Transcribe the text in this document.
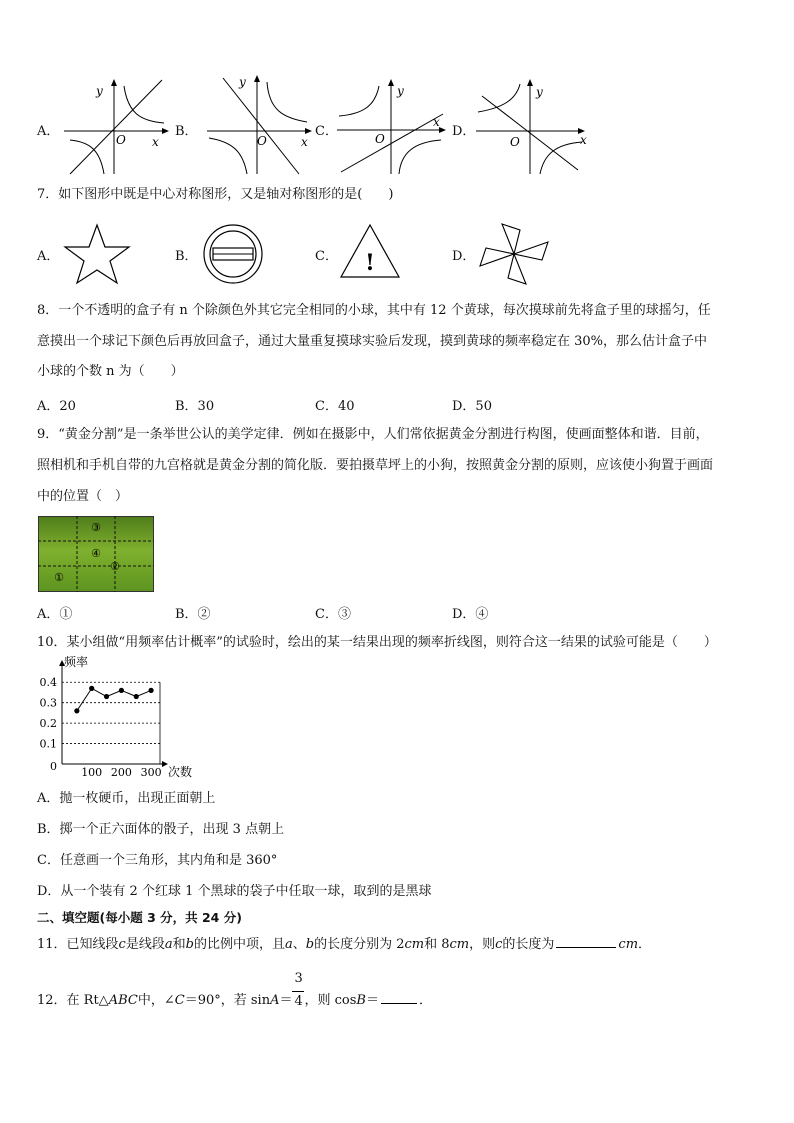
A．
y
O x
B．
y
O	x
C．
y
O
x
D．
y
O	x
7．如下图形中既是中心对称图形，又是轴对称图形的是(　　)
A．	B．	C． !	D．
8．一个不透明的盒子有 n 个除颜色外其它完全相同的小球，其中有 12 个黄球，每次摸球前先将盒子里的球摇匀，任
意摸出一个球记下颜色后再放回盒子，通过大量重复摸球实验后发现，摸到黄球的频率稳定在 30%，那么估计盒子中
小球的个数 n 为（　　）
A．20	B．30	C．40	D．50
9．“黄金分割”是一条举世公认的美学定律．例如在摄影中，人们常依据黄金分割进行构图，使画面整体和谐．目前，
照相机和手机自带的九宫格就是黄金分割的简化版．要拍摄草坪上的小狗，按照黄金分割的原则，应该使小狗置于画面
中的位置（　）
③
④
②
①
A．①	B．②	C．③	D．④
10．某小组做“用频率估计概率”的试验时，绘出的某一结果出现的频率折线图，则符合这一结果的试验可能是（　　）
0.4
0.3
0.2
0.1
100 200 300
0
频率
次数
A．抛一枚硬币，出现正面朝上
B．掷一个正六面体的骰子，出现 3 点朝上
C．任意画一个三角形，其内角和是 360°
D．从一个装有 2 个红球 1 个黑球的袋子中任取一球，取到的是黑球
二、填空题(每小题 3 分，共 24 分)
11．已知线段c是线段a和b的比例中项，且a、b的长度分别为 2cm和 8cm，则c的长度为	cm．
12．在 Rt△ABC中，∠C＝90°，若 $\sin A= \frac{3}{4}$ ，则 cosB＝	．
